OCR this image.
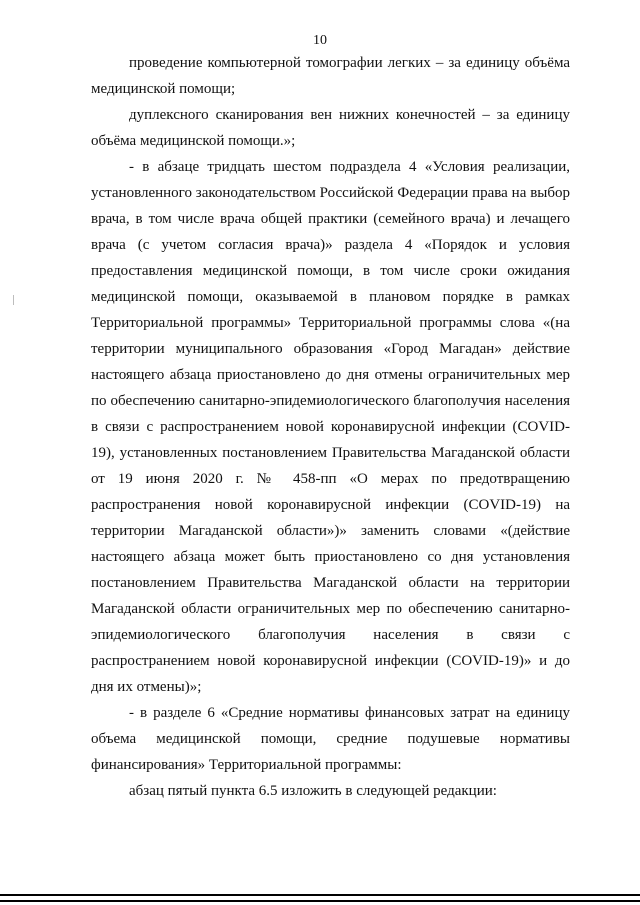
10

проведение компьютерной томографии легких – за единицу объёма медицинской помощи;

дуплексного сканирования вен нижних конечностей – за единицу объёма медицинской помощи.»;

- в абзаце тридцать шестом подраздела 4 «Условия реализации, установленного законодательством Российской Федерации права на выбор врача, в том числе врача общей практики (семейного врача) и лечащего врача (с учетом согласия врача)» раздела 4 «Порядок и условия предоставления медицинской помощи, в том числе сроки ожидания медицинской помощи, оказываемой в плановом порядке в рамках Территориальной программы» Территориальной программы слова «(на территории муниципального образования «Город Магадан» действие настоящего абзаца приостановлено до дня отмены ограничительных мер по обеспечению санитарно-эпидемиологического благополучия населения в связи с распространением новой коронавирусной инфекции (COVID-19), установленных постановлением Правительства Магаданской области от 19 июня 2020 г. № 458-пп «О мерах по предотвращению распространения новой коронавирусной инфекции (COVID-19) на территории Магаданской области»)» заменить словами «(действие настоящего абзаца может быть приостановлено со дня установления постановлением Правительства Магаданской области на территории Магаданской области ограничительных мер по обеспечению санитарно-эпидемиологического благополучия населения в связи с распространением новой коронавирусной инфекции (COVID-19)» и до дня их отмены)»;

- в разделе 6 «Средние нормативы финансовых затрат на единицу объема медицинской помощи, средние подушевые нормативы финансирования» Территориальной программы:

абзац пятый пункта 6.5 изложить в следующей редакции:
